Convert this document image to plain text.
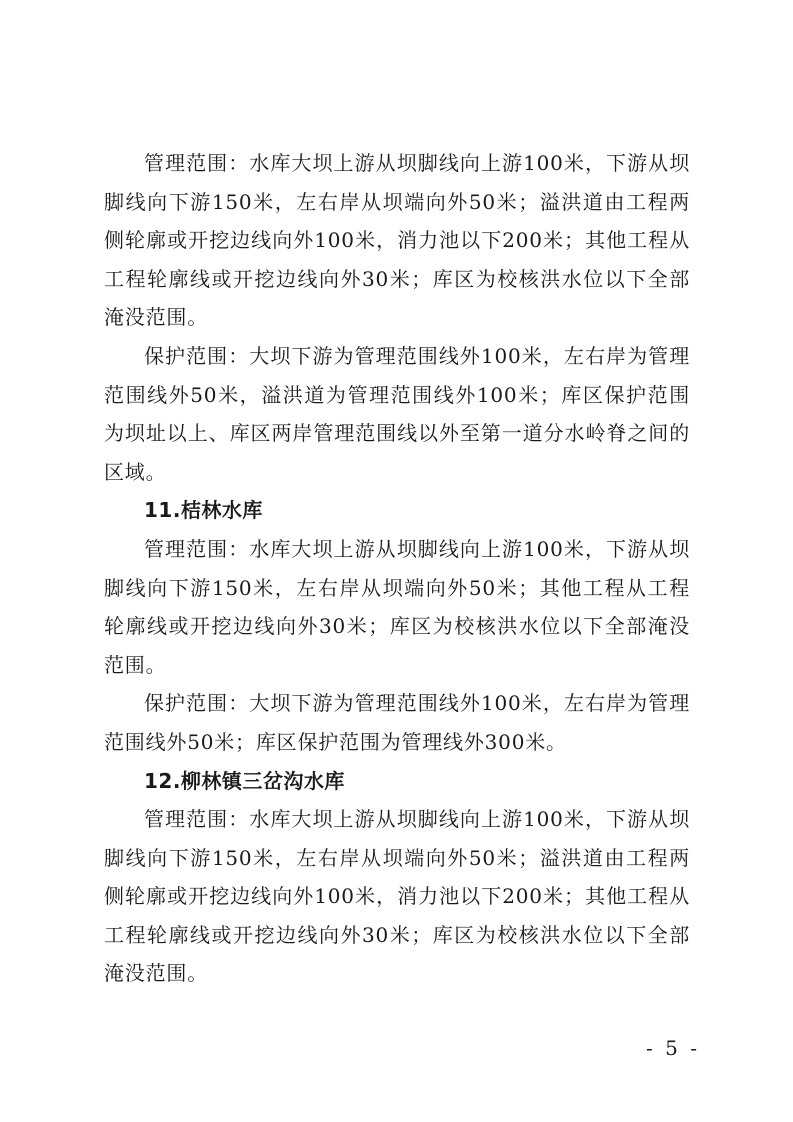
管理范围：水库大坝上游从坝脚线向上游100米，下游从坝脚线向下游150米，左右岸从坝端向外50米；溢洪道由工程两侧轮廓或开挖边线向外100米，消力池以下200米；其他工程从工程轮廓线或开挖边线向外30米；库区为校核洪水位以下全部淹没范围。

保护范围：大坝下游为管理范围线外100米，左右岸为管理范围线外50米，溢洪道为管理范围线外100米；库区保护范围为坝址以上、库区两岸管理范围线以外至第一道分水岭脊之间的区域。

11.桔林水库

管理范围：水库大坝上游从坝脚线向上游100米，下游从坝脚线向下游150米，左右岸从坝端向外50米；其他工程从工程轮廓线或开挖边线向外30米；库区为校核洪水位以下全部淹没范围。

保护范围：大坝下游为管理范围线外100米，左右岸为管理范围线外50米；库区保护范围为管理线外300米。

12.柳林镇三岔沟水库

管理范围：水库大坝上游从坝脚线向上游100米，下游从坝脚线向下游150米，左右岸从坝端向外50米；溢洪道由工程两侧轮廓或开挖边线向外100米，消力池以下200米；其他工程从工程轮廓线或开挖边线向外30米；库区为校核洪水位以下全部淹没范围。

- 5 -
